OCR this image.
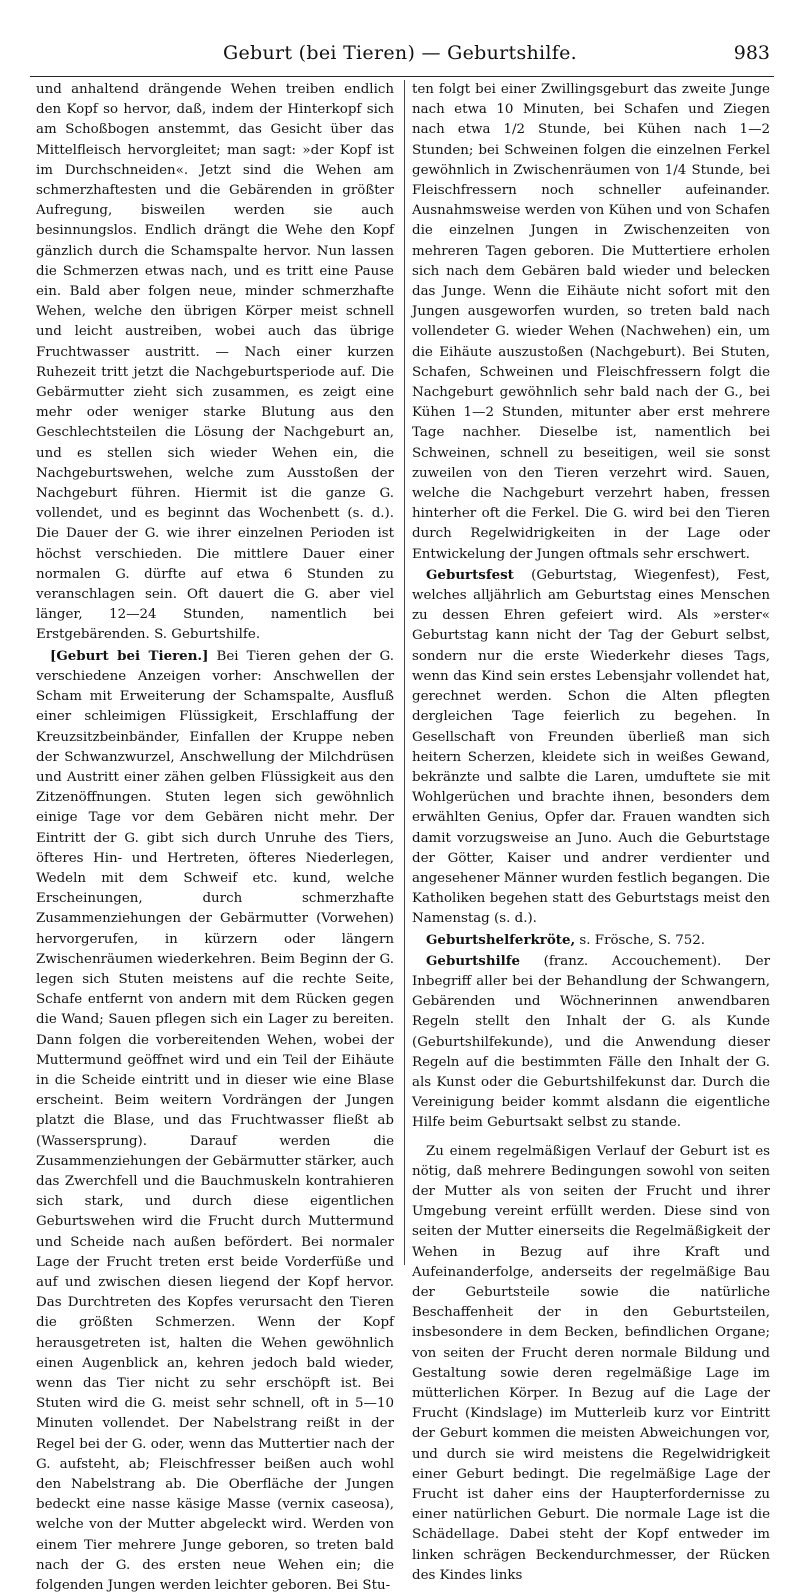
Geburt (bei Tieren) — Geburtshilfe.	983

und anhaltend drängende Wehen treiben endlich den Kopf so hervor, daß, indem der Hinterkopf sich am Schoßbogen anstemmt, das Gesicht über das Mittelfleisch hervorgleitet; man sagt: »der Kopf ist im Durchschneiden«. Jetzt sind die Wehen am schmerzhaftesten und die Gebärenden in größter Aufregung, bisweilen werden sie auch besinnungslos. Endlich drängt die Wehe den Kopf gänzlich durch die Schamspalte hervor. Nun lassen die Schmerzen etwas nach, und es tritt eine Pause ein. Bald aber folgen neue, minder schmerzhafte Wehen, welche den übrigen Körper meist schnell und leicht austreiben, wobei auch das übrige Fruchtwasser austritt. — Nach einer kurzen Ruhezeit tritt jetzt die Nachgeburtsperiode auf. Die Gebärmutter zieht sich zusammen, es zeigt eine mehr oder weniger starke Blutung aus den Geschlechtsteilen die Lösung der Nachgeburt an, und es stellen sich wieder Wehen ein, die Nachgeburtswehen, welche zum Ausstoßen der Nachgeburt führen. Hiermit ist die ganze G. vollendet, und es beginnt das Wochenbett (s. d.). Die Dauer der G. wie ihrer einzelnen Perioden ist höchst verschieden. Die mittlere Dauer einer normalen G. dürfte auf etwa 6 Stunden zu veranschlagen sein. Oft dauert die G. aber viel länger, 12—24 Stunden, namentlich bei Erstgebärenden. S. Geburtshilfe.

[Geburt bei Tieren.] Bei Tieren gehen der G. verschiedene Anzeigen vorher: Anschwellen der Scham mit Erweiterung der Schamspalte, Ausfluß einer schleimigen Flüssigkeit, Erschlaffung der Kreuzsitzbeinbänder, Einfallen der Kruppe neben der Schwanzwurzel, Anschwellung der Milchdrüsen und Austritt einer zähen gelben Flüssigkeit aus den Zitzenöffnungen. Stuten legen sich gewöhnlich einige Tage vor dem Gebären nicht mehr. Der Eintritt der G. gibt sich durch Unruhe des Tiers, öfteres Hin- und Hertreten, öfteres Niederlegen, Wedeln mit dem Schweif etc. kund, welche Erscheinungen, durch schmerzhafte Zusammenziehungen der Gebärmutter (Vorwehen) hervorgerufen, in kürzern oder längern Zwischenräumen wiederkehren. Beim Beginn der G. legen sich Stuten meistens auf die rechte Seite, Schafe entfernt von andern mit dem Rücken gegen die Wand; Sauen pflegen sich ein Lager zu bereiten. Dann folgen die vorbereitenden Wehen, wobei der Muttermund geöffnet wird und ein Teil der Eihäute in die Scheide eintritt und in dieser wie eine Blase erscheint. Beim weitern Vordrängen der Jungen platzt die Blase, und das Fruchtwasser fließt ab (Wassersprung). Darauf werden die Zusammenziehungen der Gebärmutter stärker, auch das Zwerchfell und die Bauchmuskeln kontrahieren sich stark, und durch diese eigentlichen Geburtswehen wird die Frucht durch Muttermund und Scheide nach außen befördert. Bei normaler Lage der Frucht treten erst beide Vorderfüße und auf und zwischen diesen liegend der Kopf hervor. Das Durchtreten des Kopfes verursacht den Tieren die größten Schmerzen. Wenn der Kopf herausgetreten ist, halten die Wehen gewöhnlich einen Augenblick an, kehren jedoch bald wieder, wenn das Tier nicht zu sehr erschöpft ist. Bei Stuten wird die G. meist sehr schnell, oft in 5—10 Minuten vollendet. Der Nabelstrang reißt in der Regel bei der G. oder, wenn das Muttertier nach der G. aufsteht, ab; Fleischfresser beißen auch wohl den Nabelstrang ab. Die Oberfläche der Jungen bedeckt eine nasse käsige Masse (vernix caseosa), welche von der Mutter abgeleckt wird. Werden von einem Tier mehrere Junge geboren, so treten bald nach der G. des ersten neue Wehen ein; die folgenden Jungen werden leichter geboren. Bei Stu-

ten folgt bei einer Zwillingsgeburt das zweite Junge nach etwa 10 Minuten, bei Schafen und Ziegen nach etwa 1/2 Stunde, bei Kühen nach 1—2 Stunden; bei Schweinen folgen die einzelnen Ferkel gewöhnlich in Zwischenräumen von 1/4 Stunde, bei Fleischfressern noch schneller aufeinander. Ausnahmsweise werden von Kühen und von Schafen die einzelnen Jungen in Zwischenzeiten von mehreren Tagen geboren. Die Muttertiere erholen sich nach dem Gebären bald wieder und belecken das Junge. Wenn die Eihäute nicht sofort mit den Jungen ausgeworfen wurden, so treten bald nach vollendeter G. wieder Wehen (Nachwehen) ein, um die Eihäute auszustoßen (Nachgeburt). Bei Stuten, Schafen, Schweinen und Fleischfressern folgt die Nachgeburt gewöhnlich sehr bald nach der G., bei Kühen 1—2 Stunden, mitunter aber erst mehrere Tage nachher. Dieselbe ist, namentlich bei Schweinen, schnell zu beseitigen, weil sie sonst zuweilen von den Tieren verzehrt wird. Sauen, welche die Nachgeburt verzehrt haben, fressen hinterher oft die Ferkel. Die G. wird bei den Tieren durch Regelwidrigkeiten in der Lage oder Entwickelung der Jungen oftmals sehr erschwert.

Geburtsfest (Geburtstag, Wiegenfest), Fest, welches alljährlich am Geburtstag eines Menschen zu dessen Ehren gefeiert wird. Als »erster« Geburtstag kann nicht der Tag der Geburt selbst, sondern nur die erste Wiederkehr dieses Tags, wenn das Kind sein erstes Lebensjahr vollendet hat, gerechnet werden. Schon die Alten pflegten dergleichen Tage feierlich zu begehen. In Gesellschaft von Freunden überließ man sich heitern Scherzen, kleidete sich in weißes Gewand, bekränzte und salbte die Laren, umduftete sie mit Wohlgerüchen und brachte ihnen, besonders dem erwählten Genius, Opfer dar. Frauen wandten sich damit vorzugsweise an Juno. Auch die Geburtstage der Götter, Kaiser und andrer verdienter und angesehener Männer wurden festlich begangen. Die Katholiken begehen statt des Geburtstags meist den Namenstag (s. d.).

Geburtshelferkröte, s. Frösche, S. 752.

Geburtshilfe (franz. Accouchement). Der Inbegriff aller bei der Behandlung der Schwangern, Gebärenden und Wöchnerinnen anwendbaren Regeln stellt den Inhalt der G. als Kunde (Geburtshilfekunde), und die Anwendung dieser Regeln auf die bestimmten Fälle den Inhalt der G. als Kunst oder die Geburtshilfekunst dar. Durch die Vereinigung beider kommt alsdann die eigentliche Hilfe beim Geburtsakt selbst zu stande.

Zu einem regelmäßigen Verlauf der Geburt ist es nötig, daß mehrere Bedingungen sowohl von seiten der Mutter als von seiten der Frucht und ihrer Umgebung vereint erfüllt werden. Diese sind von seiten der Mutter einerseits die Regelmäßigkeit der Wehen in Bezug auf ihre Kraft und Aufeinanderfolge, anderseits der regelmäßige Bau der Geburtsteile sowie die natürliche Beschaffenheit der in den Geburtsteilen, insbesondere in dem Becken, befindlichen Organe; von seiten der Frucht deren normale Bildung und Gestaltung sowie deren regelmäßige Lage im mütterlichen Körper. In Bezug auf die Lage der Frucht (Kindslage) im Mutterleib kurz vor Eintritt der Geburt kommen die meisten Abweichungen vor, und durch sie wird meistens die Regelwidrigkeit einer Geburt bedingt. Die regelmäßige Lage der Frucht ist daher eins der Haupterfordernisse zu einer natürlichen Geburt. Die normale Lage ist die Schädellage. Dabei steht der Kopf entweder im linken schrägen Beckendurchmesser, der Rücken des Kindes links
